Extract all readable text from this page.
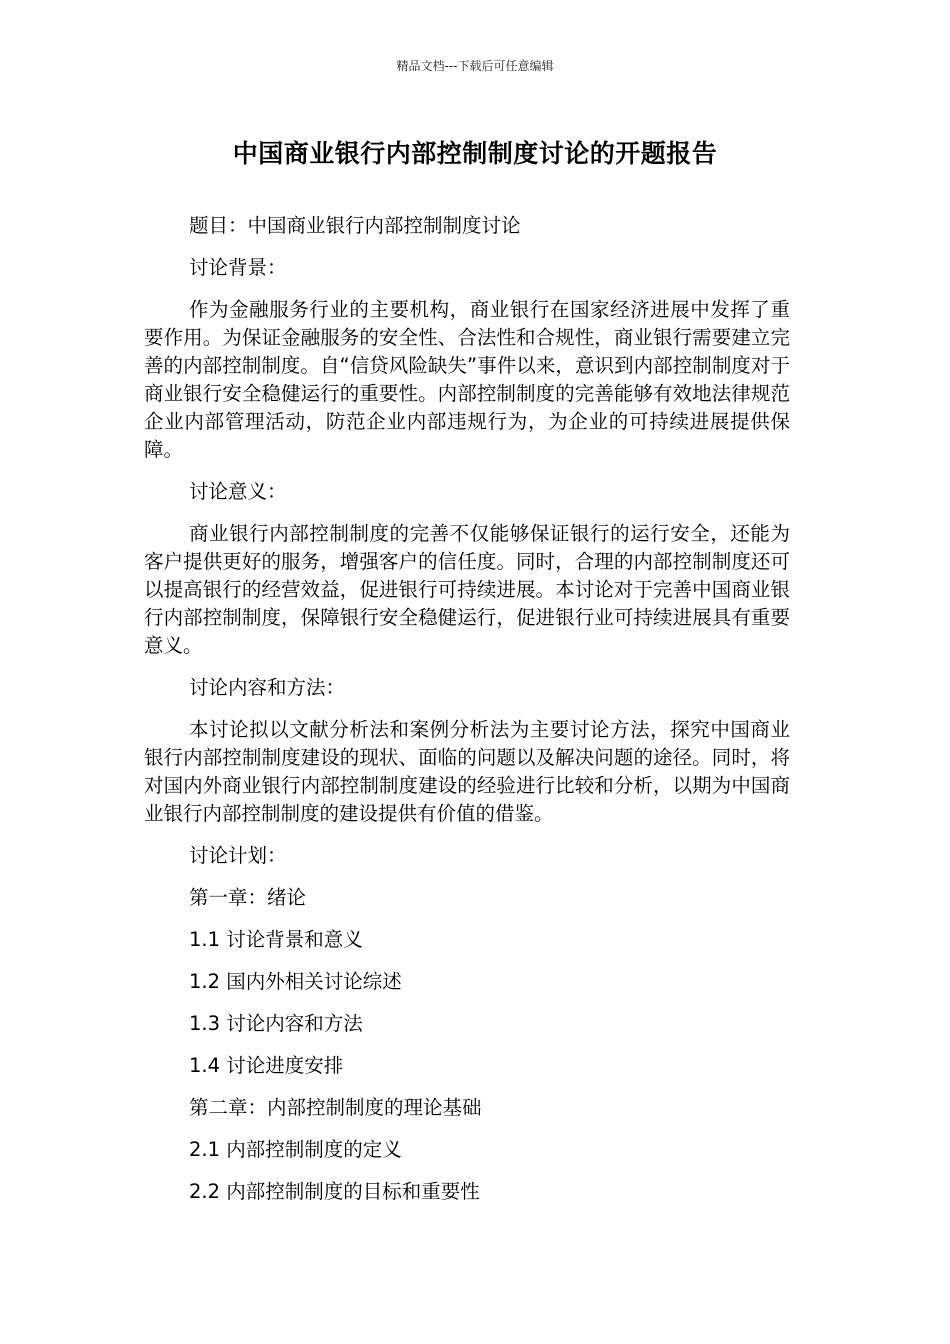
精品文档---下载后可任意编辑
中国商业银行内部控制制度讨论的开题报告

题目：中国商业银行内部控制制度讨论

讨论背景：

作为金融服务行业的主要机构，商业银行在国家经济进展中发挥了重要作用。为保证金融服务的安全性、合法性和合规性，商业银行需要建立完善的内部控制制度。自“信贷风险缺失”事件以来，意识到内部控制制度对于商业银行安全稳健运行的重要性。内部控制制度的完善能够有效地法律规范企业内部管理活动，防范企业内部违规行为，为企业的可持续进展提供保障。

讨论意义：

商业银行内部控制制度的完善不仅能够保证银行的运行安全，还能为客户提供更好的服务，增强客户的信任度。同时，合理的内部控制制度还可以提高银行的经营效益，促进银行可持续进展。本讨论对于完善中国商业银行内部控制制度，保障银行安全稳健运行，促进银行业可持续进展具有重要意义。

讨论内容和方法：

本讨论拟以文献分析法和案例分析法为主要讨论方法，探究中国商业银行内部控制制度建设的现状、面临的问题以及解决问题的途径。同时，将对国内外商业银行内部控制制度建设的经验进行比较和分析，以期为中国商业银行内部控制制度的建设提供有价值的借鉴。

讨论计划：

第一章：绪论

1.1 讨论背景和意义

1.2 国内外相关讨论综述

1.3 讨论内容和方法

1.4 讨论进度安排

第二章：内部控制制度的理论基础

2.1 内部控制制度的定义

2.2 内部控制制度的目标和重要性
